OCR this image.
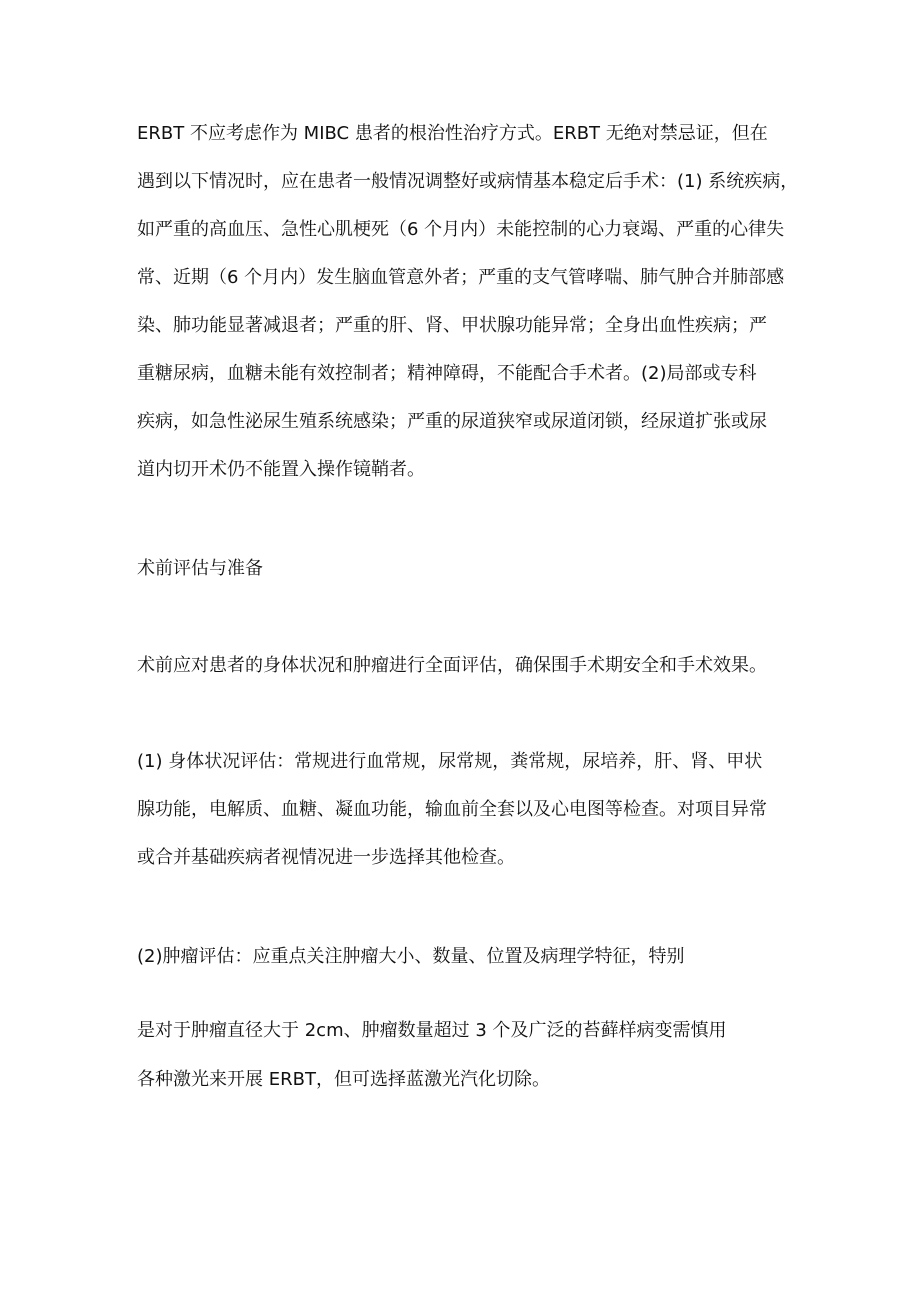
ERBT 不应考虑作为 MIBC 患者的根治性治疗方式。ERBT 无绝对禁忌证，但在

遇到以下情况时，应在患者一般情况调整好或病情基本稳定后手术：(1) 系统疾病，

如严重的高血压、急性心肌梗死（6 个月内）未能控制的心力衰竭、严重的心律失

常、近期（6 个月内）发生脑血管意外者；严重的支气管哮喘、肺气肿合并肺部感

染、肺功能显著减退者；严重的肝、肾、甲状腺功能异常；全身出血性疾病；严

重糖尿病，血糖未能有效控制者；精神障碍，不能配合手术者。(2)局部或专科

疾病，如急性泌尿生殖系统感染；严重的尿道狭窄或尿道闭锁，经尿道扩张或尿

道内切开术仍不能置入操作镜鞘者。

术前评估与准备

术前应对患者的身体状况和肿瘤进行全面评估，确保围手术期安全和手术效果。

(1) 身体状况评估：常规进行血常规，尿常规，粪常规，尿培养，肝、肾、甲状

腺功能，电解质、血糖、凝血功能，输血前全套以及心电图等检查。对项目异常

或合并基础疾病者视情况进一步选择其他检查。

(2)肿瘤评估：应重点关注肿瘤大小、数量、位置及病理学特征，特别

是对于肿瘤直径大于 2cm、肿瘤数量超过 3 个及广泛的苔藓样病变需慎用

各种激光来开展 ERBT，但可选择蓝激光汽化切除。
